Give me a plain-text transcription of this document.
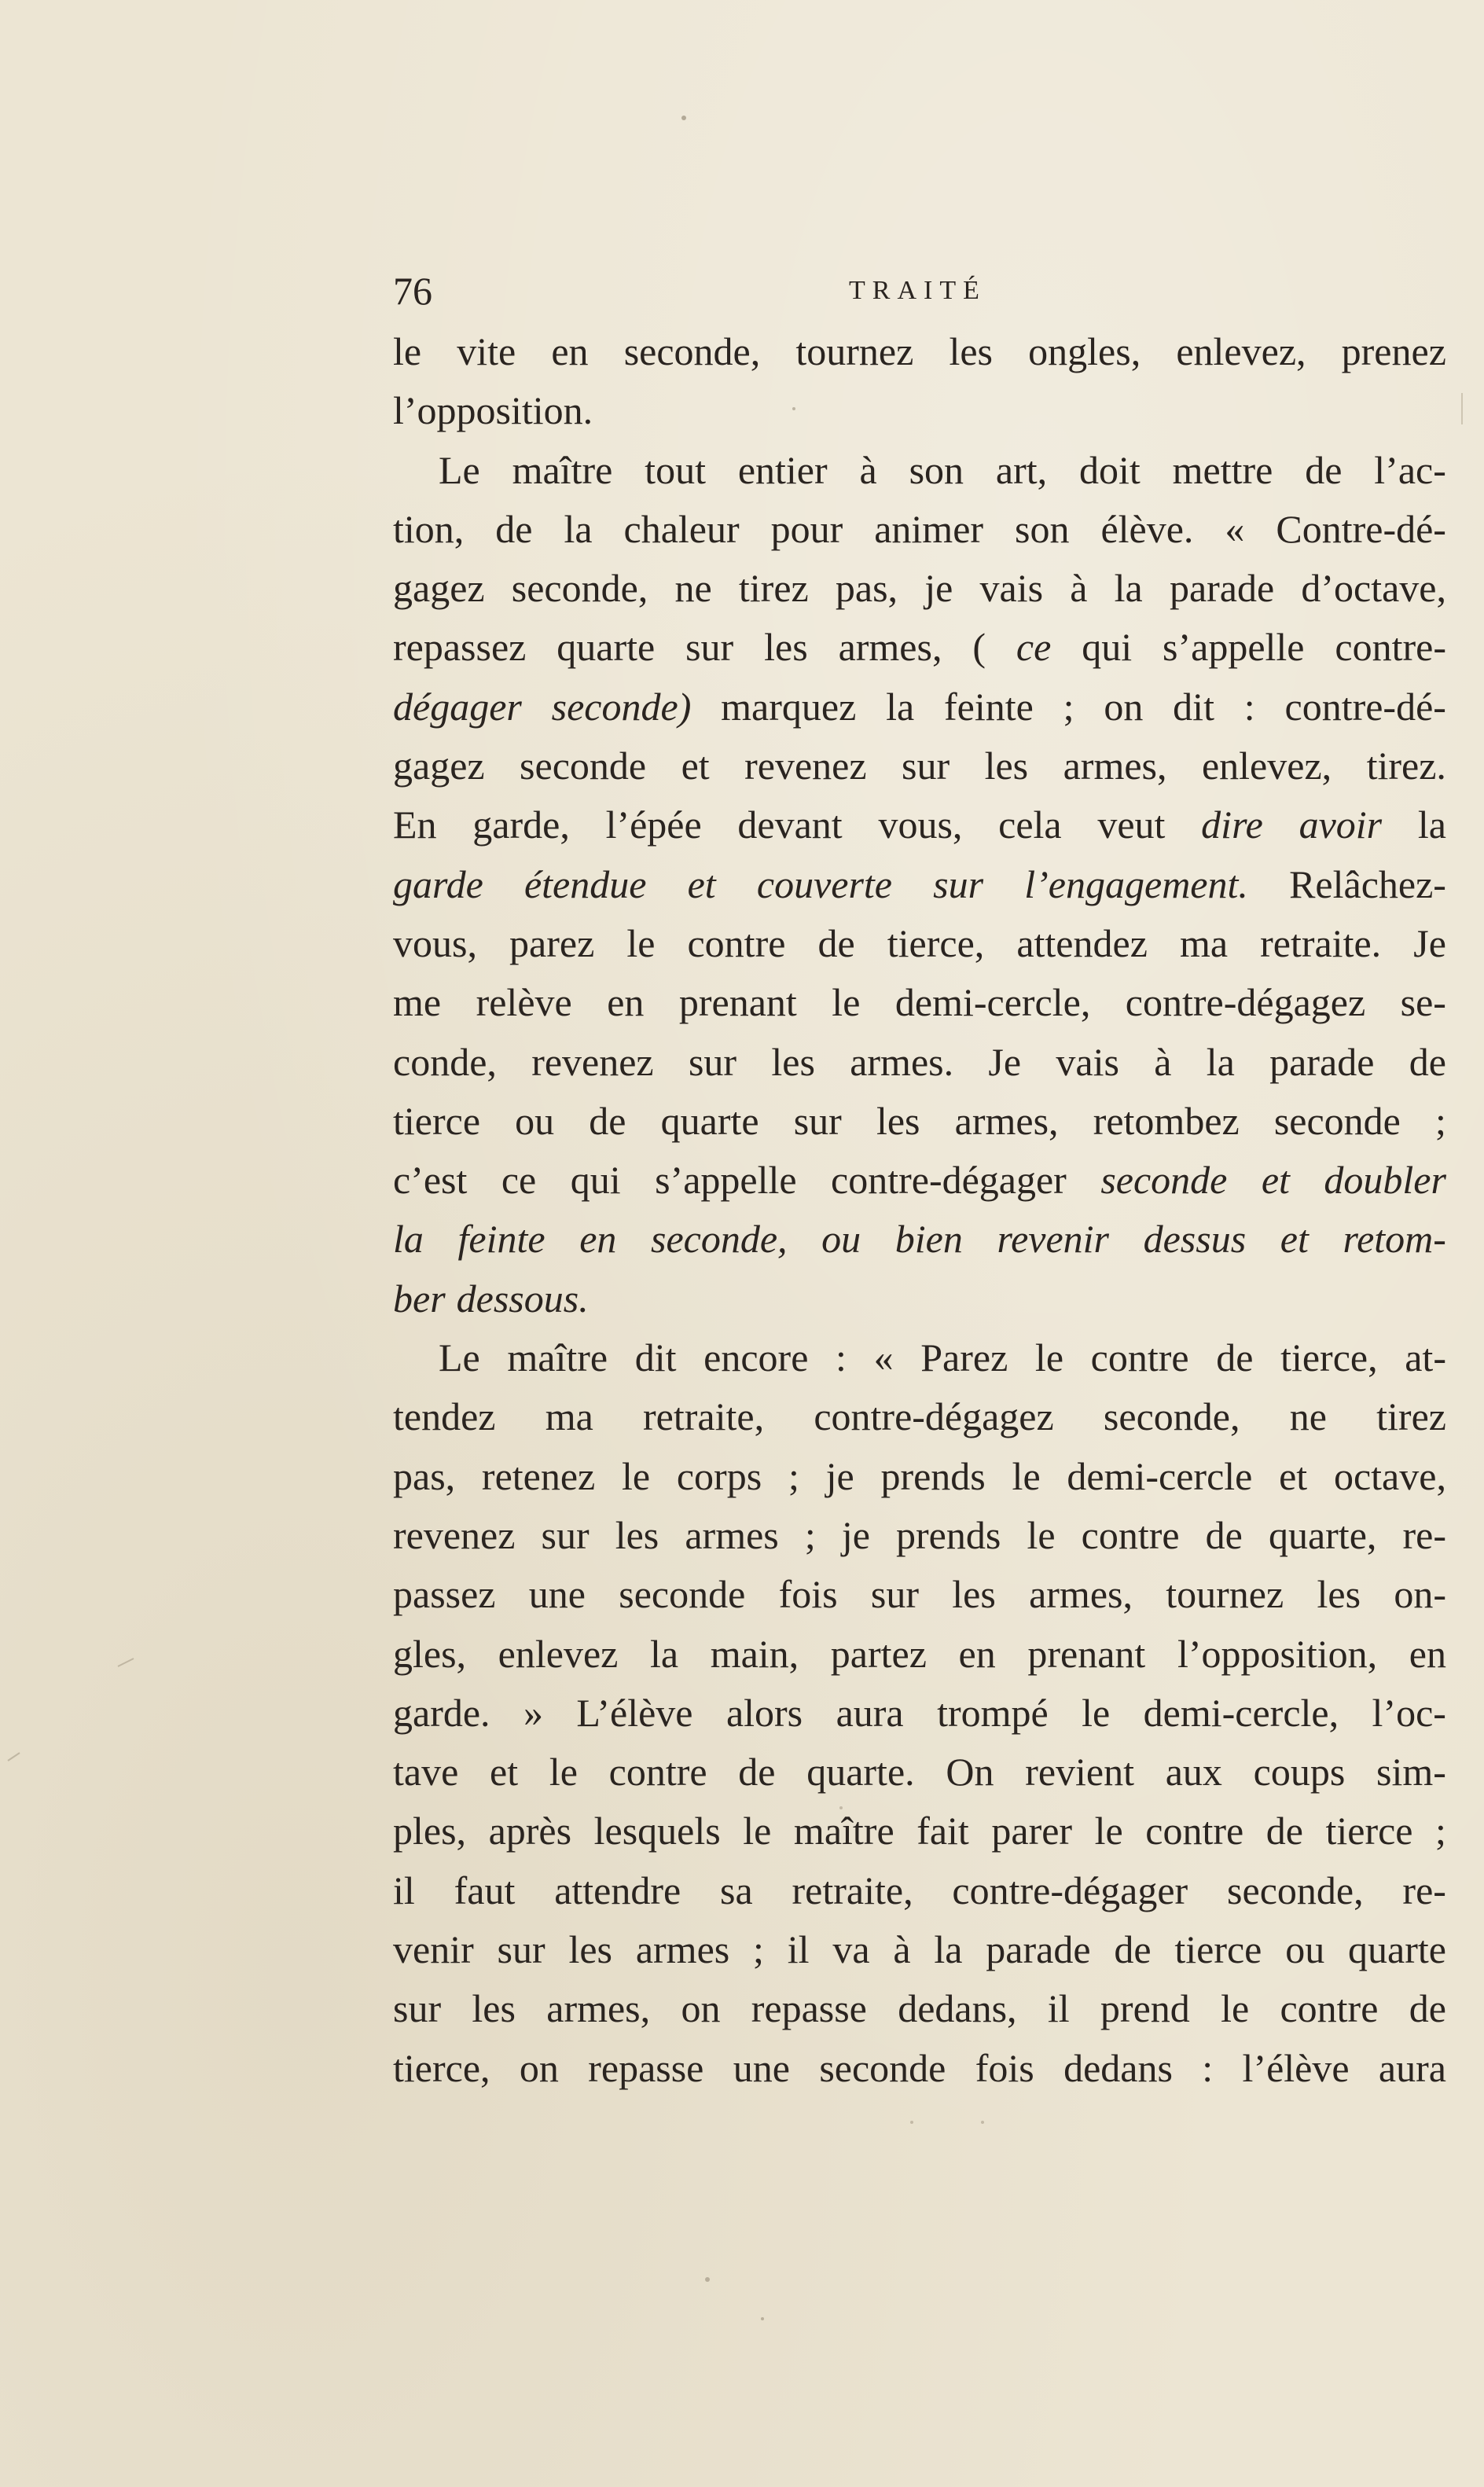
76	TRAITÉ
le vite en seconde, tournez les ongles, enlevez, prenez
l’opposition.
Le maître tout entier à son art, doit mettre de l’ac-
tion, de la chaleur pour animer son élève. « Contre-dé-
gagez seconde, ne tirez pas, je vais à la parade d’octave,
repassez quarte sur les armes, ( ce qui s’appelle contre-
dégager seconde) marquez la feinte ; on dit : contre-dé-
gagez seconde et revenez sur les armes, enlevez, tirez.
En garde, l’épée devant vous, cela veut dire avoir la
garde étendue et couverte sur l’engagement. Relâchez-
vous, parez le contre de tierce, attendez ma retraite. Je
me relève en prenant le demi-cercle, contre-dégagez se-
conde, revenez sur les armes. Je vais à la parade de
tierce ou de quarte sur les armes, retombez seconde ;
c’est ce qui s’appelle contre-dégager seconde et doubler
la feinte en seconde, ou bien revenir dessus et retom-
ber dessous.
Le maître dit encore : « Parez le contre de tierce, at-
tendez ma retraite, contre-dégagez seconde, ne tirez
pas, retenez le corps ; je prends le demi-cercle et octave,
revenez sur les armes ; je prends le contre de quarte, re-
passez une seconde fois sur les armes, tournez les on-
gles, enlevez la main, partez en prenant l’opposition, en
garde. » L’élève alors aura trompé le demi-cercle, l’oc-
tave et le contre de quarte. On revient aux coups sim-
ples, après lesquels le maître fait parer le contre de tierce ;
il faut attendre sa retraite, contre-dégager seconde, re-
venir sur les armes ; il va à la parade de tierce ou quarte
sur les armes, on repasse dedans, il prend le contre de
tierce, on repasse une seconde fois dedans : l’élève aura
